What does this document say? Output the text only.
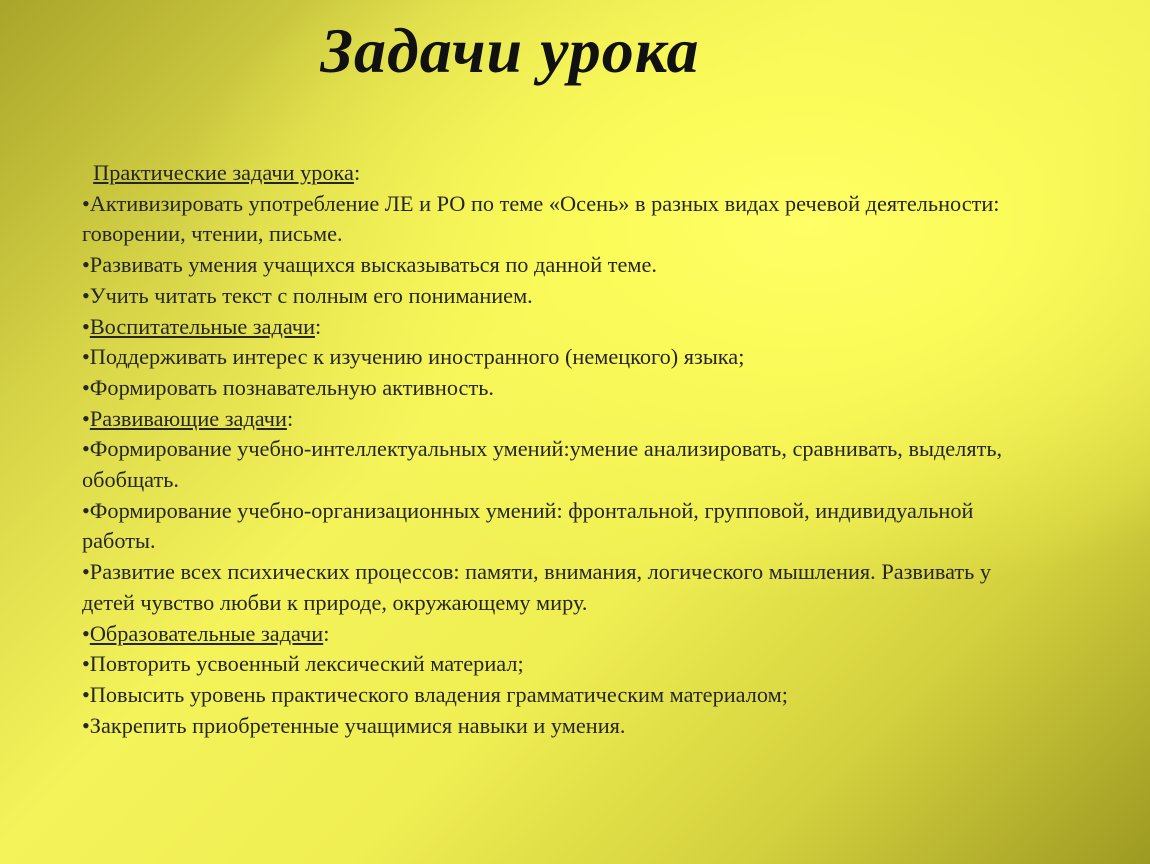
Задачи урока
Практические задачи урока:
•Активизировать употребление ЛЕ и РО по теме «Осень» в разных видах речевой деятельности:
говорении, чтении, письме.
•Развивать умения учащихся высказываться по данной теме.
•Учить читать текст с полным его пониманием.
•Воспитательные задачи:
•Поддерживать интерес к изучению иностранного (немецкого) языка;
•Формировать познавательную активность.
•Развивающие задачи:
•Формирование учебно-интеллектуальных умений:умение анализировать, сравнивать, выделять,
обобщать.
•Формирование учебно-организационных умений: фронтальной, групповой, индивидуальной
работы.
•Развитие всех психических процессов: памяти, внимания, логического мышления. Развивать у
детей чувство любви к природе, окружающему миру.
•Образовательные задачи:
•Повторить усвоенный лексический материал;
•Повысить уровень практического владения грамматическим материалом;
•Закрепить приобретенные учащимися навыки и умения.
